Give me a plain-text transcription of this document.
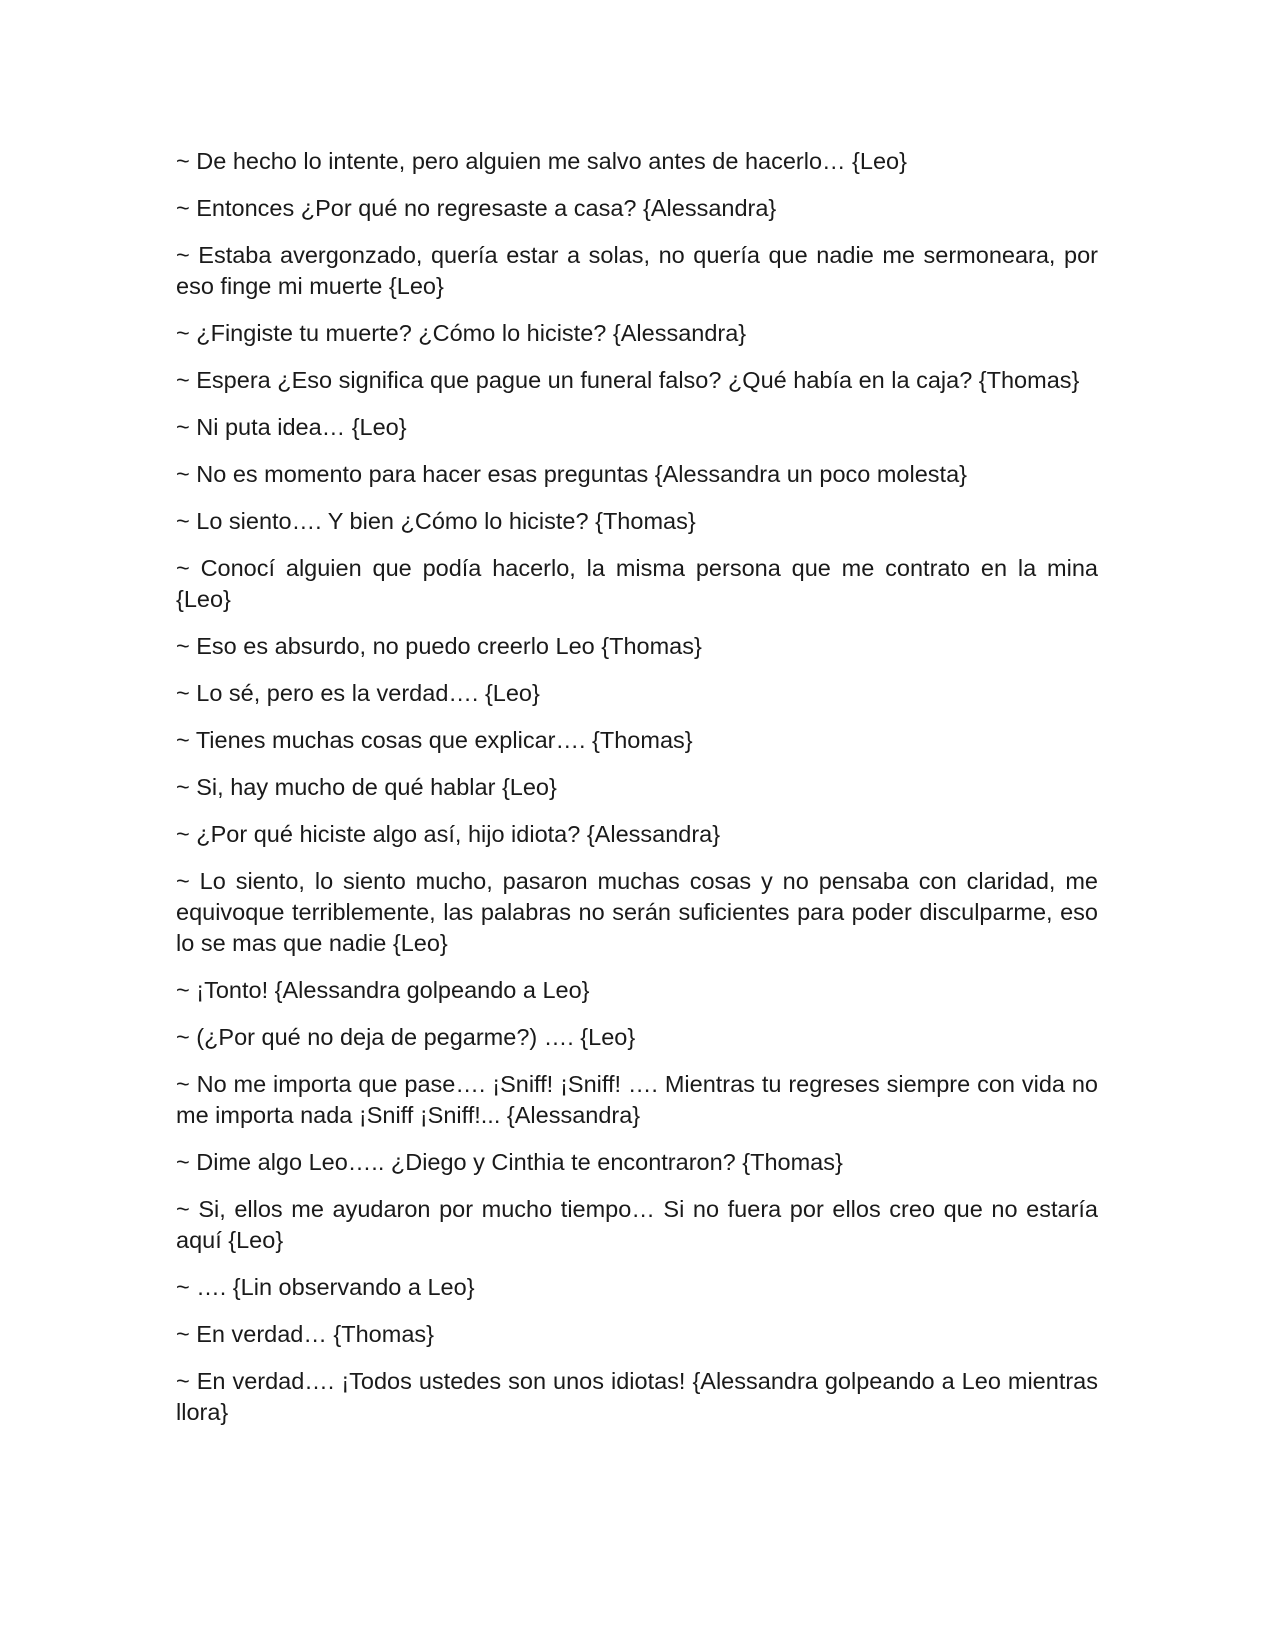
~ De hecho lo intente, pero alguien me salvo antes de hacerlo… {Leo}

~ Entonces ¿Por qué no regresaste a casa? {Alessandra}

~ Estaba avergonzado, quería estar a solas, no quería que nadie me sermoneara, por eso finge mi muerte {Leo}

~ ¿Fingiste tu muerte? ¿Cómo lo hiciste? {Alessandra}

~ Espera ¿Eso significa que pague un funeral falso? ¿Qué había en la caja? {Thomas}

~ Ni puta idea… {Leo}

~ No es momento para hacer esas preguntas {Alessandra un poco molesta}

~ Lo siento…. Y bien ¿Cómo lo hiciste? {Thomas}

~ Conocí alguien que podía hacerlo, la misma persona que me contrato en la mina {Leo}

~ Eso es absurdo, no puedo creerlo Leo {Thomas}

~ Lo sé, pero es la verdad…. {Leo}

~ Tienes muchas cosas que explicar…. {Thomas}

~ Si, hay mucho de qué hablar {Leo}

~ ¿Por qué hiciste algo así, hijo idiota? {Alessandra}

~ Lo siento, lo siento mucho, pasaron muchas cosas y no pensaba con claridad, me equivoque terriblemente, las palabras no serán suficientes para poder disculparme, eso lo se mas que nadie {Leo}

~ ¡Tonto! {Alessandra golpeando a Leo}

~ (¿Por qué no deja de pegarme?) …. {Leo}

~ No me importa que pase…. ¡Sniff! ¡Sniff! …. Mientras tu regreses siempre con vida no me importa nada ¡Sniff ¡Sniff!... {Alessandra}

~ Dime algo Leo….. ¿Diego y Cinthia te encontraron? {Thomas}

~ Si, ellos me ayudaron por mucho tiempo… Si no fuera por ellos creo que no estaría aquí {Leo}

~ …. {Lin observando a Leo}

~ En verdad… {Thomas}

~ En verdad…. ¡Todos ustedes son unos idiotas! {Alessandra golpeando a Leo mientras llora}
